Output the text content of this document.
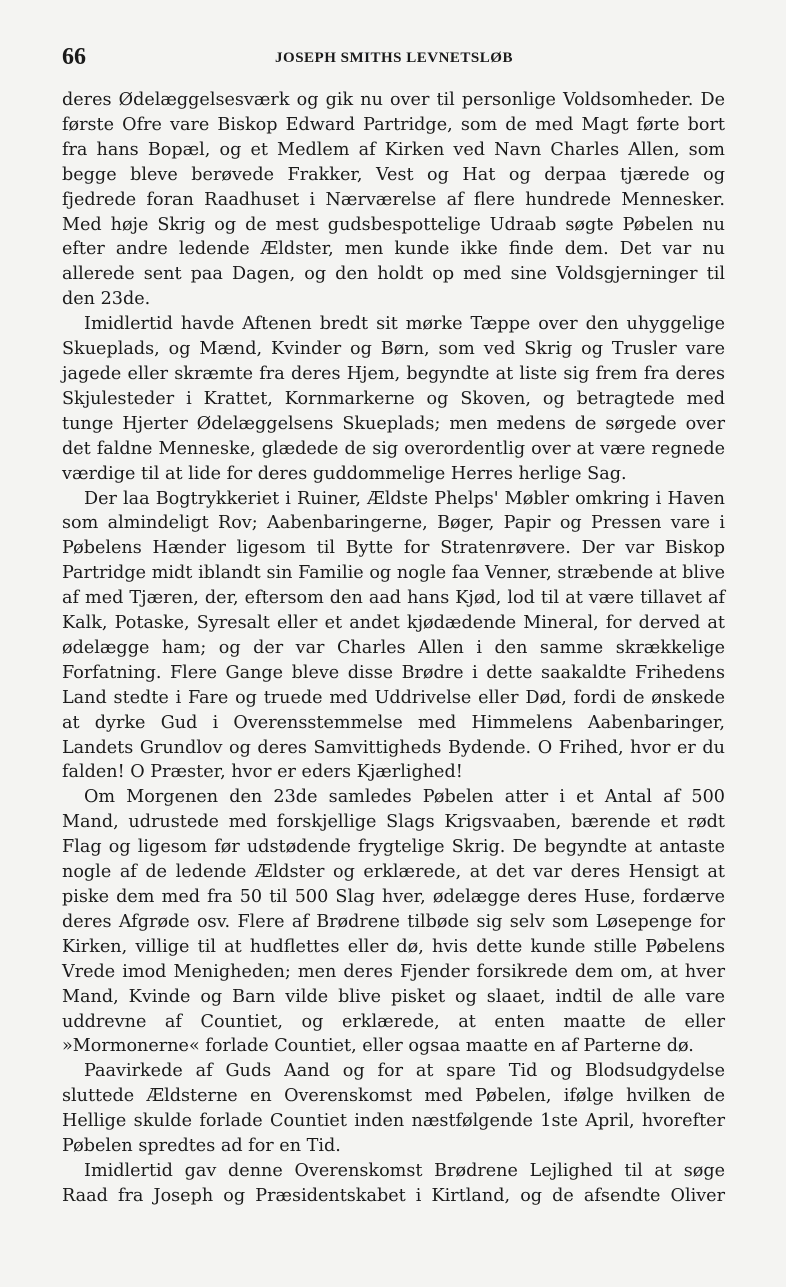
66	JOSEPH SMITHS LEVNETSLØB

deres Ødelæggelsesværk og gik nu over til personlige Voldsomheder. De første Ofre vare Biskop Edward Partridge, som de med Magt førte bort fra hans Bopæl, og et Medlem af Kirken ved Navn Charles Allen, som begge bleve berøvede Frakker, Vest og Hat og derpaa tjærede og fjedrede foran Raadhuset i Nærværelse af flere hundrede Mennesker. Med høje Skrig og de mest gudsbespottelige Udraab søgte Pøbelen nu efter andre ledende Ældster, men kunde ikke finde dem. Det var nu allerede sent paa Dagen, og den holdt op med sine Voldsgjerninger til den 23de.

Imidlertid havde Aftenen bredt sit mørke Tæppe over den uhyggelige Skueplads, og Mænd, Kvinder og Børn, som ved Skrig og Trusler vare jagede eller skræmte fra deres Hjem, begyndte at liste sig frem fra deres Skjulesteder i Krattet, Kornmarkerne og Skoven, og betragtede med tunge Hjerter Ødelæggelsens Skueplads; men medens de sørgede over det faldne Menneske, glædede de sig overordentlig over at være regnede værdige til at lide for deres guddommelige Herres herlige Sag.

Der laa Bogtrykkeriet i Ruiner, Ældste Phelps' Møbler omkring i Haven som almindeligt Rov; Aabenbaringerne, Bøger, Papir og Pressen vare i Pøbelens Hænder ligesom til Bytte for Stratenrøvere. Der var Biskop Partridge midt iblandt sin Familie og nogle faa Venner, stræbende at blive af med Tjæren, der, eftersom den aad hans Kjød, lod til at være tillavet af Kalk, Potaske, Syresalt eller et andet kjødædende Mineral, for derved at ødelægge ham; og der var Charles Allen i den samme skrækkelige Forfatning. Flere Gange bleve disse Brødre i dette saakaldte Frihedens Land stedte i Fare og truede med Uddrivelse eller Død, fordi de ønskede at dyrke Gud i Overensstemmelse med Himmelens Aabenbaringer, Landets Grundlov og deres Samvittigheds Bydende. O Frihed, hvor er du falden! O Præster, hvor er eders Kjærlighed!

Om Morgenen den 23de samledes Pøbelen atter i et Antal af 500 Mand, udrustede med forskjellige Slags Krigsvaaben, bærende et rødt Flag og ligesom før udstødende frygtelige Skrig. De begyndte at antaste nogle af de ledende Ældster og erklærede, at det var deres Hensigt at piske dem med fra 50 til 500 Slag hver, ødelægge deres Huse, fordærve deres Afgrøde osv. Flere af Brødrene tilbøde sig selv som Løsepenge for Kirken, villige til at hudflettes eller dø, hvis dette kunde stille Pøbelens Vrede imod Menigheden; men deres Fjender forsikrede dem om, at hver Mand, Kvinde og Barn vilde blive pisket og slaaet, indtil de alle vare uddrevne af Countiet, og erklærede, at enten maatte de eller »Mormonerne« forlade Countiet, eller ogsaa maatte en af Parterne dø.

Paavirkede af Guds Aand og for at spare Tid og Blodsudgydelse sluttede Ældsterne en Overenskomst med Pøbelen, ifølge hvilken de Hellige skulde forlade Countiet inden næstfølgende 1ste April, hvorefter Pøbelen spredtes ad for en Tid.

Imidlertid gav denne Overenskomst Brødrene Lejlighed til at søge Raad fra Joseph og Præsidentskabet i Kirtland, og de afsendte Oliver
